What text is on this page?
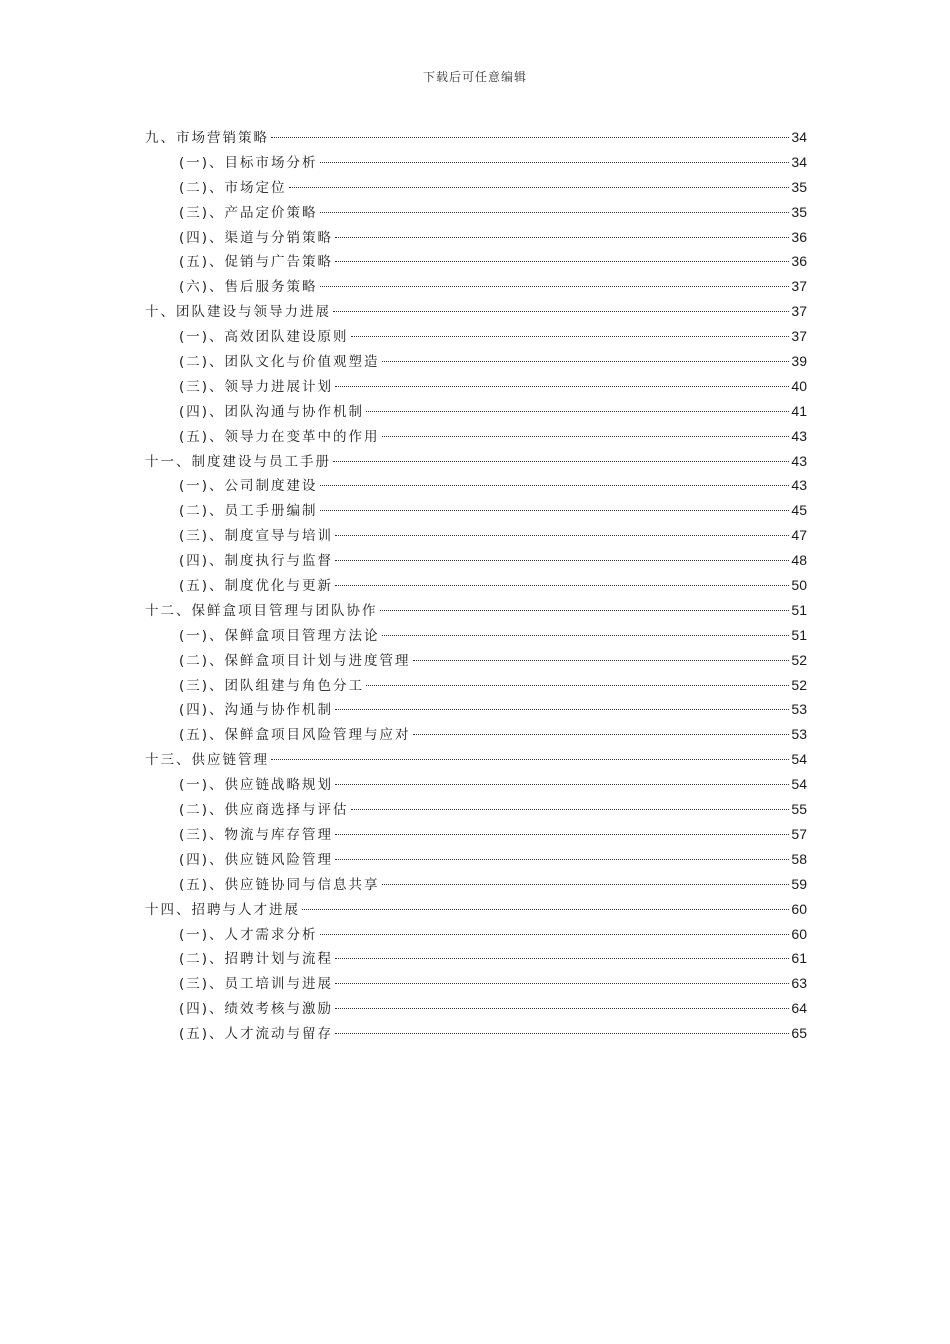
下载后可任意编辑
九、市场营销策略	34
(一)、目标市场分析	34
(二)、市场定位	35
(三)、产品定价策略	35
(四)、渠道与分销策略	36
(五)、促销与广告策略	36
(六)、售后服务策略	37
十、团队建设与领导力进展	37
(一)、高效团队建设原则	37
(二)、团队文化与价值观塑造	39
(三)、领导力进展计划	40
(四)、团队沟通与协作机制	41
(五)、领导力在变革中的作用	43
十一、制度建设与员工手册	43
(一)、公司制度建设	43
(二)、员工手册编制	45
(三)、制度宣导与培训	47
(四)、制度执行与监督	48
(五)、制度优化与更新	50
十二、保鲜盒项目管理与团队协作	51
(一)、保鲜盒项目管理方法论	51
(二)、保鲜盒项目计划与进度管理	52
(三)、团队组建与角色分工	52
(四)、沟通与协作机制	53
(五)、保鲜盒项目风险管理与应对	53
十三、供应链管理	54
(一)、供应链战略规划	54
(二)、供应商选择与评估	55
(三)、物流与库存管理	57
(四)、供应链风险管理	58
(五)、供应链协同与信息共享	59
十四、招聘与人才进展	60
(一)、人才需求分析	60
(二)、招聘计划与流程	61
(三)、员工培训与进展	63
(四)、绩效考核与激励	64
(五)、人才流动与留存	65
